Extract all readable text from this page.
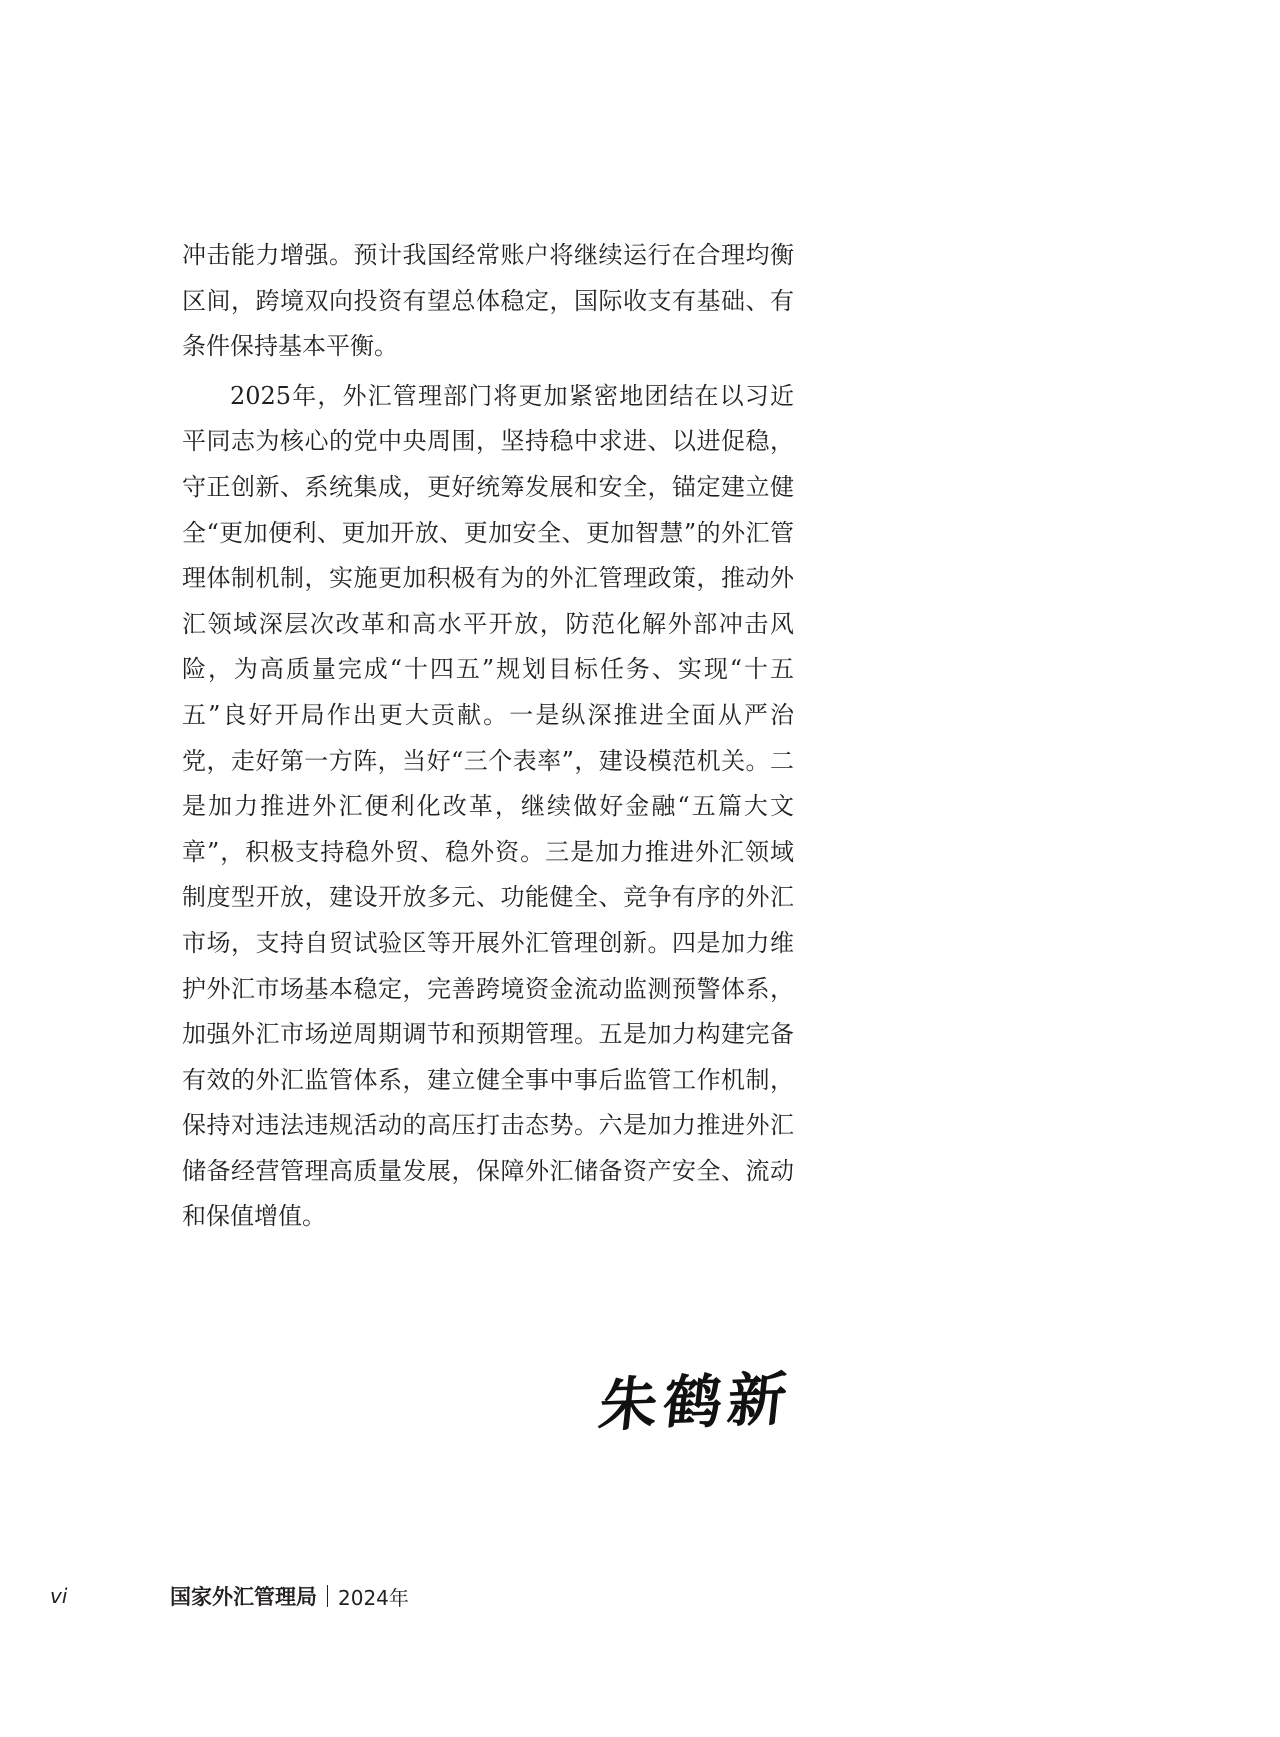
冲击能力增强。预计我国经常账户将继续运行在合理均衡区间，跨境双向投资有望总体稳定，国际收支有基础、有条件保持基本平衡。

2025年，外汇管理部门将更加紧密地团结在以习近平同志为核心的党中央周围，坚持稳中求进、以进促稳，守正创新、系统集成，更好统筹发展和安全，锚定建立健全“更加便利、更加开放、更加安全、更加智慧”的外汇管理体制机制，实施更加积极有为的外汇管理政策，推动外汇领域深层次改革和高水平开放，防范化解外部冲击风险，为高质量完成“十四五”规划目标任务、实现“十五五”良好开局作出更大贡献。一是纵深推进全面从严治党，走好第一方阵，当好“三个表率”，建设模范机关。二是加力推进外汇便利化改革，继续做好金融“五篇大文章”，积极支持稳外贸、稳外资。三是加力推进外汇领域制度型开放，建设开放多元、功能健全、竞争有序的外汇市场，支持自贸试验区等开展外汇管理创新。四是加力维护外汇市场基本稳定，完善跨境资金流动监测预警体系，加强外汇市场逆周期调节和预期管理。五是加力构建完备有效的外汇监管体系，建立健全事中事后监管工作机制，保持对违法违规活动的高压打击态势。六是加力推进外汇储备经营管理高质量发展，保障外汇储备资产安全、流动和保值增值。

朱鹤新
vi	国家外汇管理局 2024年
